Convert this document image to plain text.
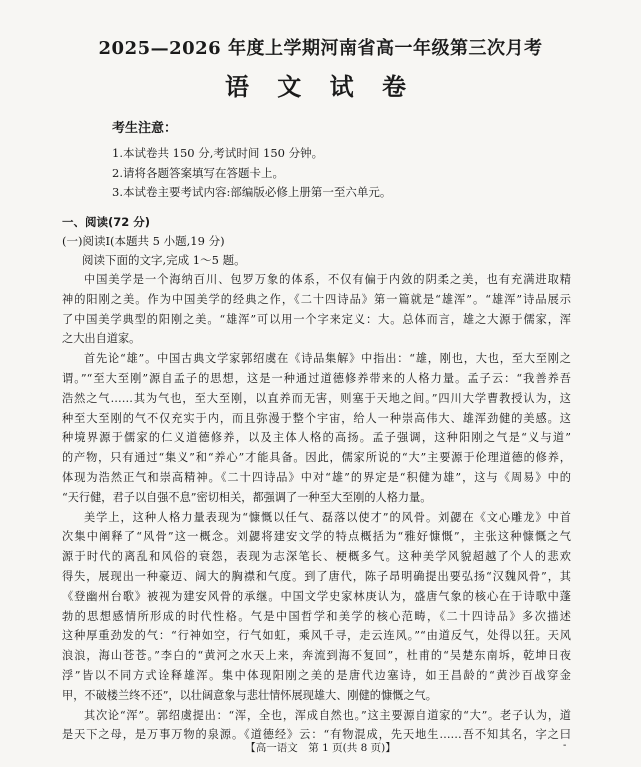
2025—2026 年度上学期河南省高一年级第三次月考
语 文 试 卷
考生注意：
1.本试卷共 150 分,考试时间 150 分钟。
2.请将各题答案填写在答题卡上。
3.本试卷主要考试内容:部编版必修上册第一至六单元。
一、阅读(72 分)
(一)阅读Ⅰ(本题共 5 小题,19 分)
阅读下面的文字,完成 1～5 题。
中国美学是一个海纳百川、包罗万象的体系，不仅有偏于内敛的阴柔之美，也有充满进取精
神的阳刚之美。作为中国美学的经典之作，《二十四诗品》第一篇就是“雄浑”。“雄浑”诗品展示
了中国美学典型的阳刚之美。“雄浑”可以用一个字来定义：大。总体而言，雄之大源于儒家，浑
之大出自道家。
首先论“雄”。中国古典文学家郭绍虞在《诗品集解》中指出：“雄，刚也，大也，至大至刚之
谓。”“至大至刚”源自孟子的思想，这是一种通过道德修养带来的人格力量。孟子云：“我善养吾
浩然之气……其为气也，至大至刚，以直养而无害，则塞于天地之间。”四川大学曹教授认为，这
种至大至刚的气不仅充实于内，而且弥漫于整个宇宙，给人一种崇高伟大、雄浑劲健的美感。这
种境界源于儒家的仁义道德修养，以及主体人格的高扬。孟子强调，这种阳刚之气是“义与道”
的产物，只有通过“集义”和“养心”才能具备。因此，儒家所说的“大”主要源于伦理道德的修养，
体现为浩然正气和崇高精神。《二十四诗品》中对“雄”的界定是“积健为雄”，这与《周易》中的
“天行健，君子以自强不息”密切相关，都强调了一种至大至刚的人格力量。
美学上，这种人格力量表现为“慷慨以任气、磊落以使才”的风骨。刘勰在《文心雕龙》中首
次集中阐释了“风骨”这一概念。刘勰将建安文学的特点概括为“雅好慷慨”，主张这种慷慨之气
源于时代的离乱和风俗的衰怨，表现为志深笔长、梗概多气。这种美学风貌超越了个人的悲欢
得失，展现出一种豪迈、阔大的胸襟和气度。到了唐代，陈子昂明确提出要弘扬“汉魏风骨”，其
《登幽州台歌》被视为建安风骨的承继。中国文学史家林庚认为，盛唐气象的核心在于诗歌中蓬
勃的思想感情所形成的时代性格。气是中国哲学和美学的核心范畴，《二十四诗品》多次描述
这种厚重劲发的气：“行神如空，行气如虹，乘风千寻，走云连风。”“由道反气，处得以狂。天风
浪浪，海山苍苍。”李白的“黄河之水天上来，奔流到海不复回”，杜甫的“吴楚东南坼，乾坤日夜
浮”皆以不同方式诠释雄浑。集中体现阳刚之美的是唐代边塞诗，如王昌龄的“黄沙百战穿金
甲，不破楼兰终不还”，以壮阔意象与悲壮情怀展现雄大、刚健的慷慨之气。
其次论“浑”。郭绍虞提出：“浑，全也，浑成自然也。”这主要源自道家的“大”。老子认为，道
是天下之母，是万事万物的泉源。《道德经》云：“有物混成，先天地生……吾不知其名，字之曰
【高一语文　第 1 页(共 8 页)】	-
